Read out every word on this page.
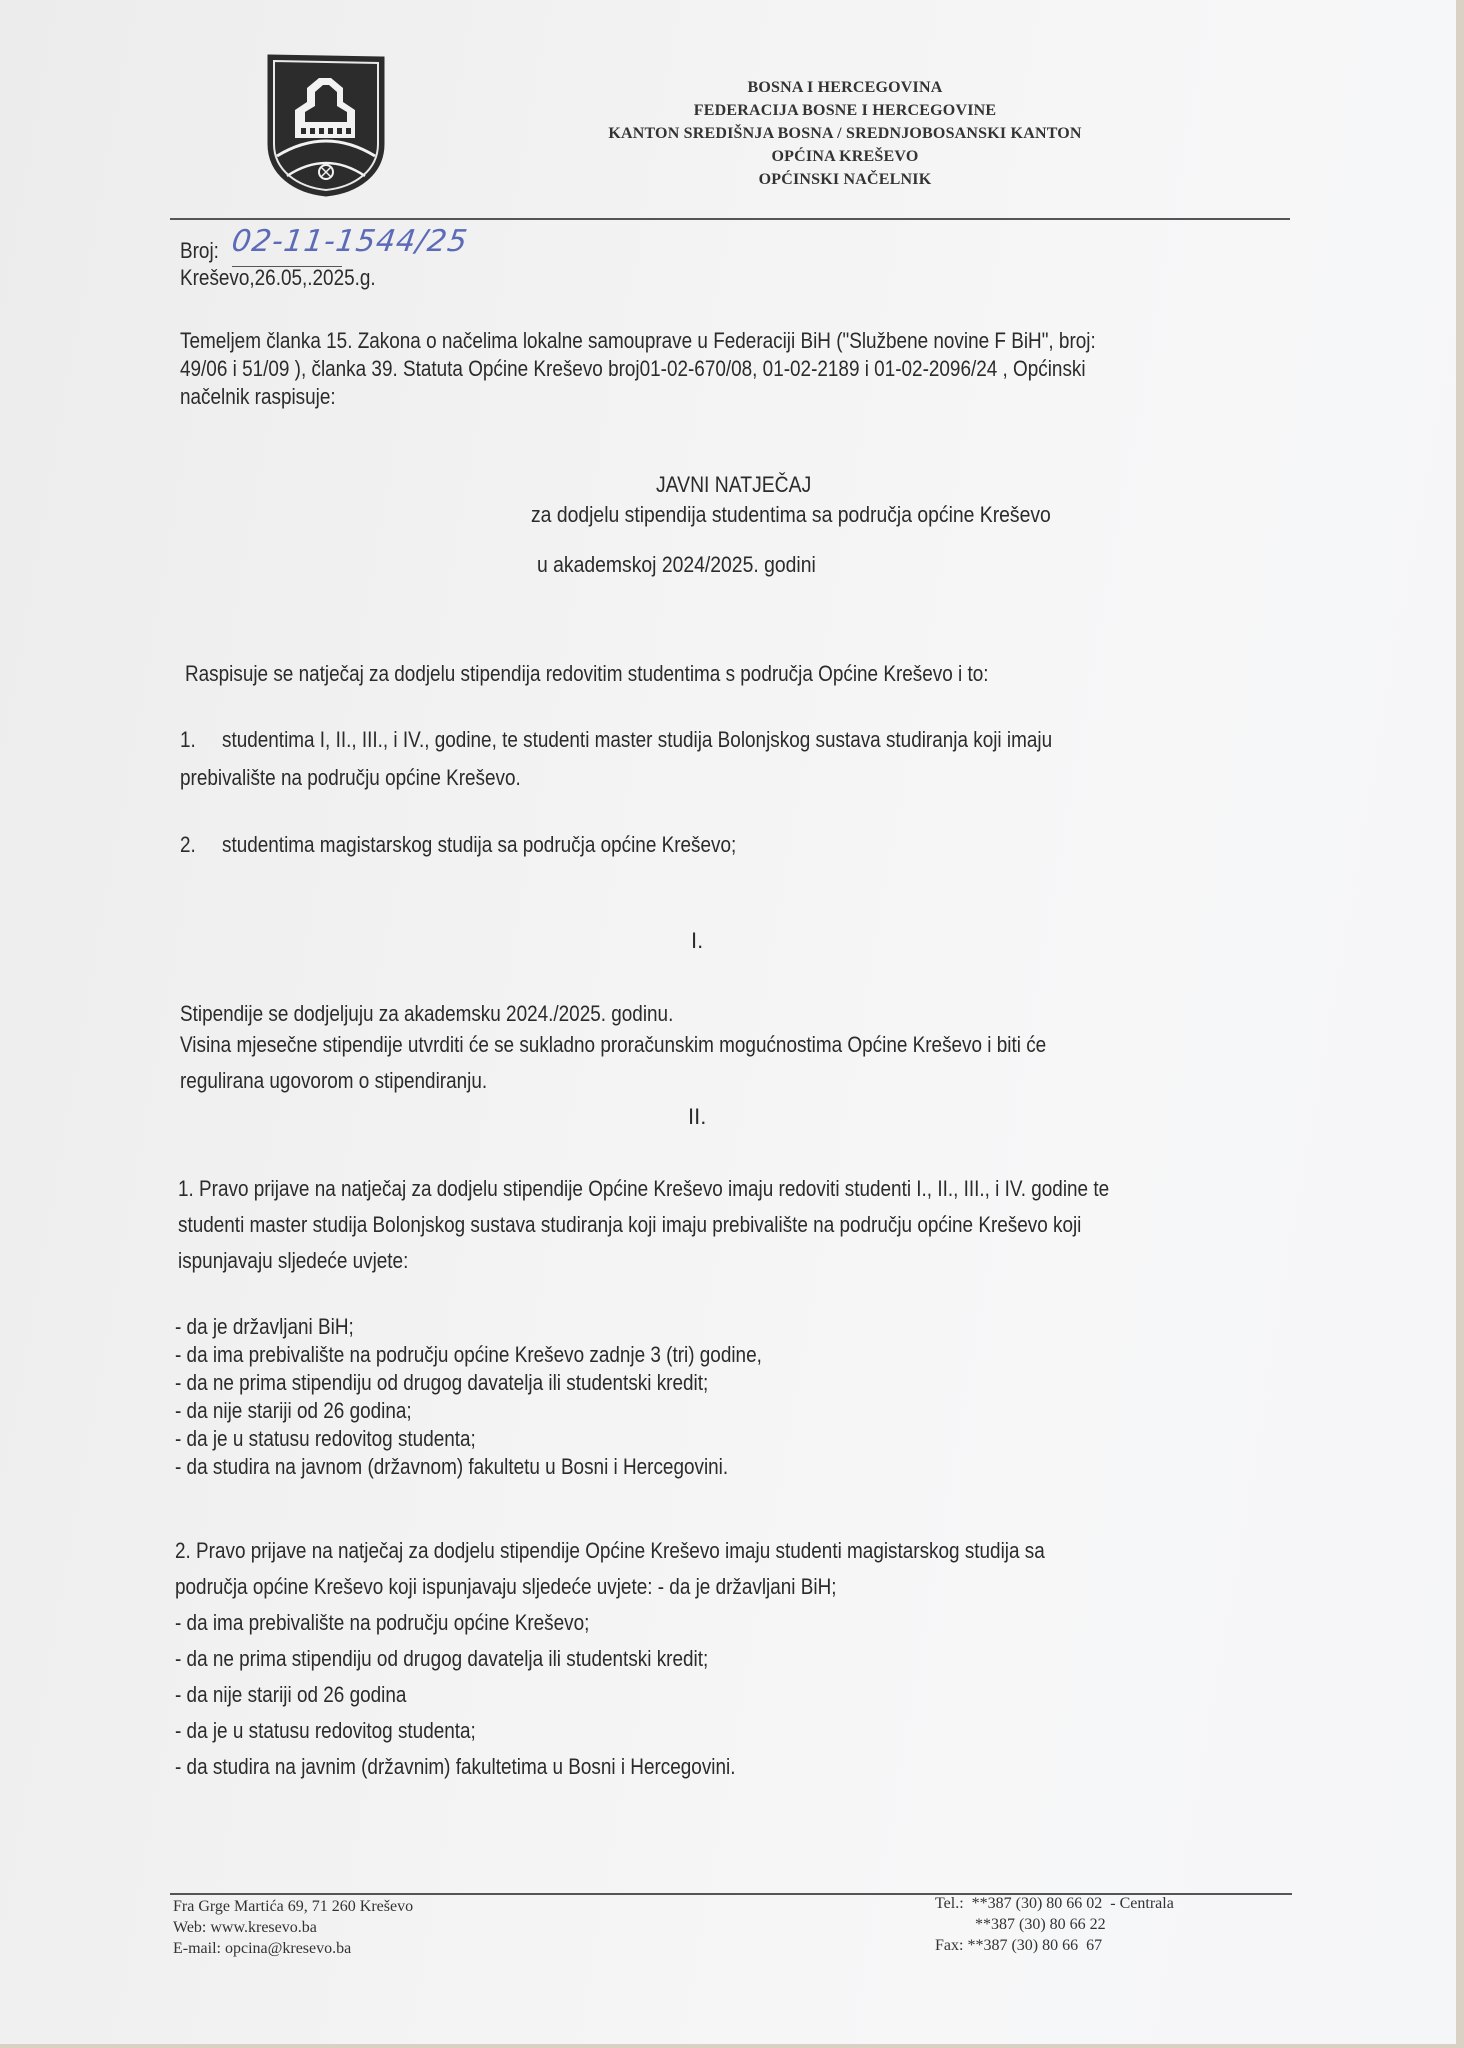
BOSNA I HERCEGOVINA
FEDERACIJA BOSNE I HERCEGOVINE
KANTON SREDIŠNJA BOSNA / SREDNJOBOSANSKI KANTON
OPĆINA KREŠEVO
OPĆINSKI NAČELNIK
Broj: 02-11-1544/25
Kreševo,26.05,.2025.g.
Temeljem članka 15. Zakona o načelima lokalne samouprave u Federaciji BiH ("Službene novine F BiH", broj:
49/06 i 51/09 ), članka 39. Statuta Općine Kreševo broj01-02-670/08, 01-02-2189 i 01-02-2096/24 , Općinski
načelnik raspisuje:
JAVNI NATJEČAJ
za dodjelu stipendija studentima sa područja općine Kreševo
u akademskoj 2024/2025. godini
Raspisuje se natječaj za dodjelu stipendija redovitim studentima s područja Općine Kreševo i to:
1. studentima I, II., III., i IV., godine, te studenti master studija Bolonjskog sustava studiranja koji imaju
prebivalište na području općine Kreševo.
2. studentima magistarskog studija sa područja općine Kreševo;
I.
Stipendije se dodjeljuju za akademsku 2024./2025. godinu.
Visina mjesečne stipendije utvrditi će se sukladno proračunskim mogućnostima Općine Kreševo i biti će
regulirana ugovorom o stipendiranju.
II.
1. Pravo prijave na natječaj za dodjelu stipendije Općine Kreševo imaju redoviti studenti I., II., III., i IV. godine te
studenti master studija Bolonjskog sustava studiranja koji imaju prebivalište na području općine Kreševo koji
ispunjavaju sljedeće uvjete:
- da je državljani BiH;
- da ima prebivalište na području općine Kreševo zadnje 3 (tri) godine,
- da ne prima stipendiju od drugog davatelja ili studentski kredit;
- da nije stariji od 26 godina;
- da je u statusu redovitog studenta;
- da studira na javnom (državnom) fakultetu u Bosni i Hercegovini.
2. Pravo prijave na natječaj za dodjelu stipendije Općine Kreševo imaju studenti magistarskog studija sa
područja općine Kreševo koji ispunjavaju sljedeće uvjete: - da je državljani BiH;
- da ima prebivalište na području općine Kreševo;
- da ne prima stipendiju od drugog davatelja ili studentski kredit;
- da nije stariji od 26 godina
- da je u statusu redovitog studenta;
- da studira na javnim (državnim) fakultetima u Bosni i Hercegovini.
Fra Grge Martića 69, 71 260 Kreševo
Web: www.kresevo.ba
E-mail: opcina@kresevo.ba
Tel.:  **387 (30) 80 66 02  - Centrala
**387 (30) 80 66 22
Fax: **387 (30) 80 66  67
